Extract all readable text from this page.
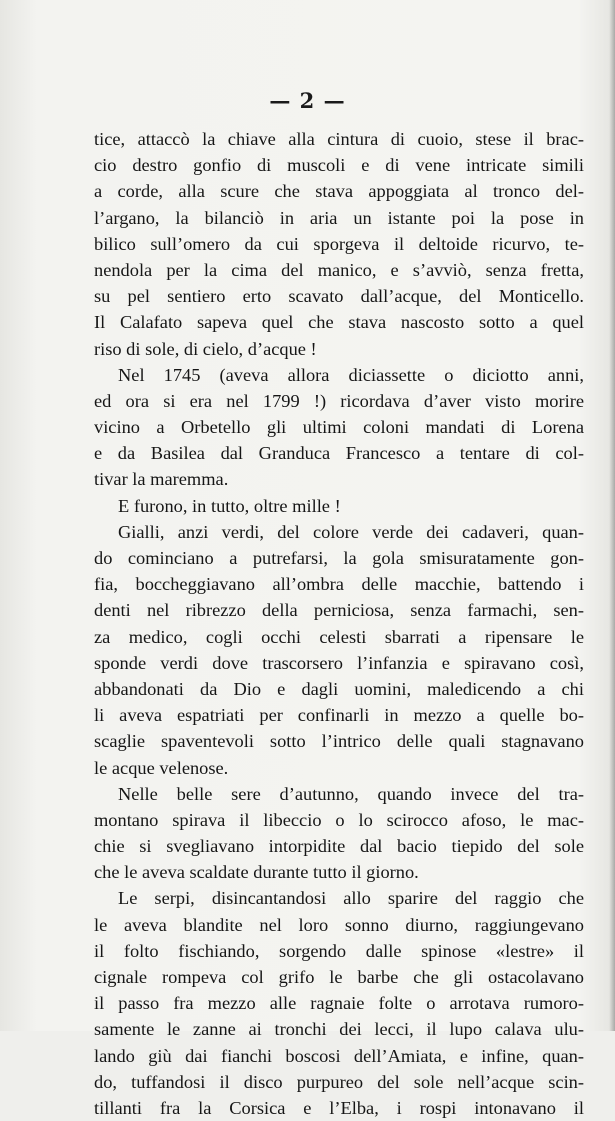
— 2 —
tice, attaccò la chiave alla cintura di cuoio, stese il brac-
cio destro gonfio di muscoli e di vene intricate simili
a corde, alla scure che stava appoggiata al tronco del-
l’argano, la bilanciò in aria un istante poi la pose in
bilico sull’omero da cui sporgeva il deltoide ricurvo, te-
nendola per la cima del manico, e s’avviò, senza fretta,
su pel sentiero erto scavato dall’acque, del Monticello.
Il Calafato sapeva quel che stava nascosto sotto a quel
riso di sole, di cielo, d’acque !
Nel 1745 (aveva allora diciassette o diciotto anni,
ed ora si era nel 1799 !) ricordava d’aver visto morire
vicino a Orbetello gli ultimi coloni mandati di Lorena
e da Basilea dal Granduca Francesco a tentare di col-
tivar la maremma.
E furono, in tutto, oltre mille !
Gialli, anzi verdi, del colore verde dei cadaveri, quan-
do cominciano a putrefarsi, la gola smisuratamente gon-
fia, boccheggiavano all’ombra delle macchie, battendo i
denti nel ribrezzo della perniciosa, senza farmachi, sen-
za medico, cogli occhi celesti sbarrati a ripensare le
sponde verdi dove trascorsero l’infanzia e spiravano così,
abbandonati da Dio e dagli uomini, maledicendo a chi
li aveva espatriati per confinarli in mezzo a quelle bo-
scaglie spaventevoli sotto l’intrico delle quali stagnavano
le acque velenose.
Nelle belle sere d’autunno, quando invece del tra-
montano spirava il libeccio o lo scirocco afoso, le mac-
chie si svegliavano intorpidite dal bacio tiepido del sole
che le aveva scaldate durante tutto il giorno.
Le serpi, disincantandosi allo sparire del raggio che
le aveva blandite nel loro sonno diurno, raggiungevano
il folto fischiando, sorgendo dalle spinose «lestre» il
cignale rompeva col grifo le barbe che gli ostacolavano
il passo fra mezzo alle ragnaie folte o arrotava rumoro-
samente le zanne ai tronchi dei lecci, il lupo calava ulu-
lando giù dai fianchi boscosi dell’Amiata, e infine, quan-
do, tuffandosi il disco purpureo del sole nell’acque scin-
tillanti fra la Corsica e l’Elba, i rospi intonavano il
